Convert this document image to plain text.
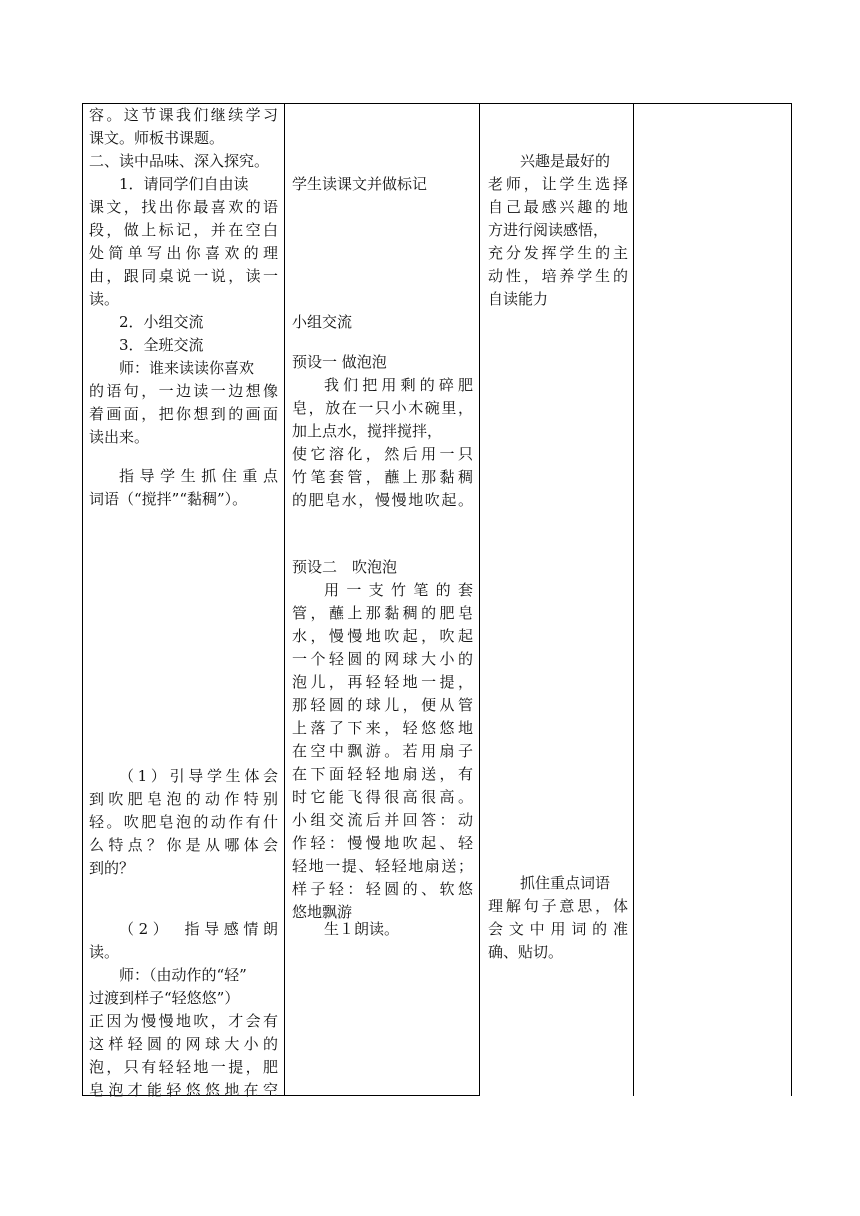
容。这节课我们继续学习
课文。师板书课题。
二、读中品味、深入探究。
1．请同学们自由读
课文，找出你最喜欢的语
段，做上标记，并在空白
处简单写出你喜欢的理
由，跟同桌说一说，读一
读。
2．小组交流
3．全班交流
师：谁来读读你喜欢
的语句，一边读一边想像
着画面，把你想到的画面
读出来。
指导学生抓住重点
词语（“搅拌”“黏稠”）。
（1）引导学生体会
到吹肥皂泡的动作特别
轻。吹肥皂泡的动作有什
么特点？你是从哪体会
到的？
（2）　指导感情朗
读。
师：（由动作的“轻”
过渡到样子“轻悠悠”）
正因为慢慢地吹，才会有
这样轻圆的网球大小的
泡，只有轻轻地一提，肥
皂泡才能轻悠悠地在空
学生读课文并做标记
小组交流
预设一 做泡泡
我们把用剩的碎肥
皂，放在一只小木碗里，
加上点水，搅拌搅拌，
使它溶化，然后用一只
竹笔套管，蘸上那黏稠
的肥皂水，慢慢地吹起。
预设二　吹泡泡
用一支竹笔的套
管，蘸上那黏稠的肥皂
水，慢慢地吹起，吹起
一个轻圆的网球大小的
泡儿，再轻轻地一提，
那轻圆的球儿，便从管
上落了下来，轻悠悠地
在空中飘游。若用扇子
在下面轻轻地扇送，有
时它能飞得很高很高。
小组交流后并回答：动
作轻：慢慢地吹起、轻
轻地一提、轻轻地扇送；
样子轻：轻圆的、软悠
悠地飘游
生１朗读。
兴趣是最好的
老师，让学生选择
自己最感兴趣的地
方进行阅读感悟，
充分发挥学生的主
动性，培养学生的
自读能力
抓住重点词语
理解句子意思，体
会文中用词的准
确、贴切。
